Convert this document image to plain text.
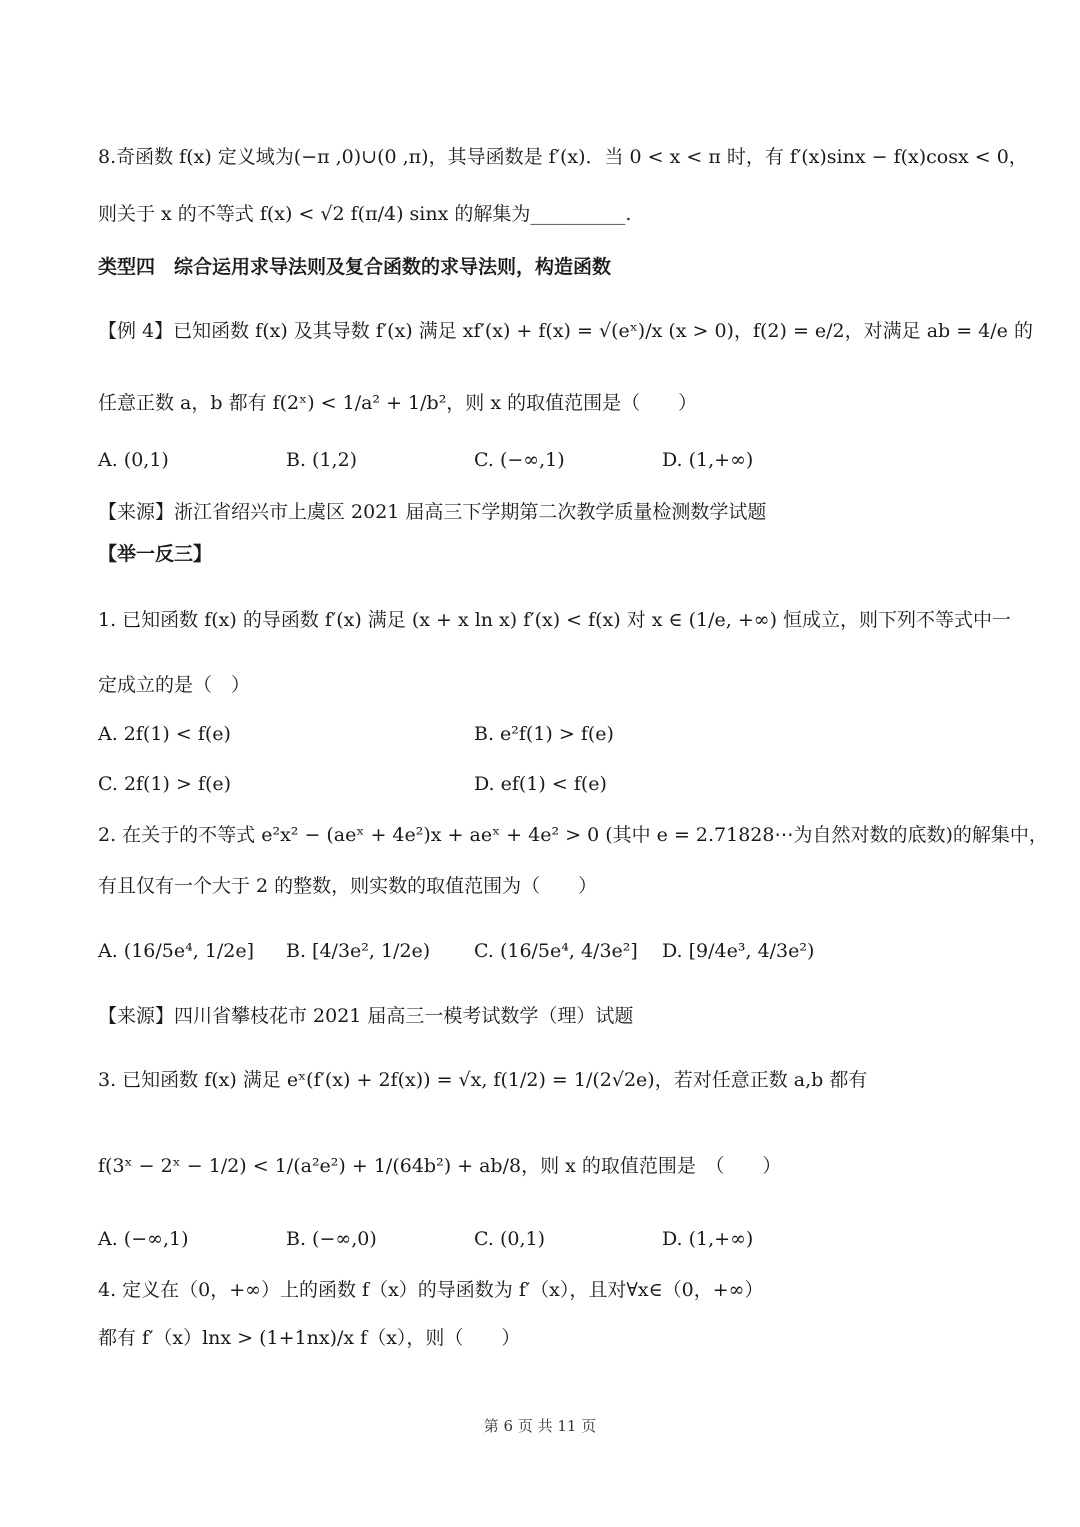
8.奇函数 f(x) 定义域为(−π ,0)∪(0 ,π)，其导函数是 f′(x)．当 0 < x < π 时，有 f′(x)sinx − f(x)cosx < 0，
则关于 x 的不等式 f(x) < √2 f(π/4) sinx 的解集为__________.
类型四　综合运用求导法则及复合函数的求导法则，构造函数
【例 4】已知函数 f(x) 及其导数 f′(x) 满足 xf′(x) + f(x) = √(eˣ)/x (x > 0)，f(2) = e/2，对满足 ab = 4/e 的
任意正数 a，b 都有 f(2ˣ) < 1/a² + 1/b²，则 x 的取值范围是（　　）
A. (0,1)	B. (1,2)	C. (−∞,1)	D. (1,+∞)
【来源】浙江省绍兴市上虞区 2021 届高三下学期第二次教学质量检测数学试题
【举一反三】
1. 已知函数 f(x) 的导函数 f′(x) 满足 (x + x ln x) f′(x) < f(x) 对 x ∈ (1/e, +∞) 恒成立，则下列不等式中一
定成立的是（　）
A. 2f(1) < f(e)	B. e²f(1) > f(e)
C. 2f(1) > f(e)	D. ef(1) < f(e)
2. 在关于的不等式 e²x² − (aeˣ + 4e²)x + aeˣ + 4e² > 0 (其中 e = 2.71828⋯为自然对数的底数)的解集中，
有且仅有一个大于 2 的整数，则实数的取值范围为（　　）
A. (16/5e⁴, 1/2e] B. [4/3e², 1/2e) C. (16/5e⁴, 4/3e²] D. [9/4e³, 4/3e²)
【来源】四川省攀枝花市 2021 届高三一模考试数学（理）试题
3. 已知函数 f(x) 满足 eˣ(f′(x) + 2f(x)) = √x, f(1/2) = 1/(2√2e)，若对任意正数 a,b 都有
f(3ˣ − 2ˣ − 1/2) < 1/(a²e²) + 1/(64b²) + ab/8，则 x 的取值范围是　（　　）
A. (−∞,1)	B. (−∞,0)	C. (0,1)	D. (1,+∞)
4. 定义在（0，+∞）上的函数 f（x）的导函数为 f′（x），且对∀x∈（0，+∞）
都有 f′（x）lnx > (1+1nx)/x f（x），则（　　）
第 6 页 共 11 页
